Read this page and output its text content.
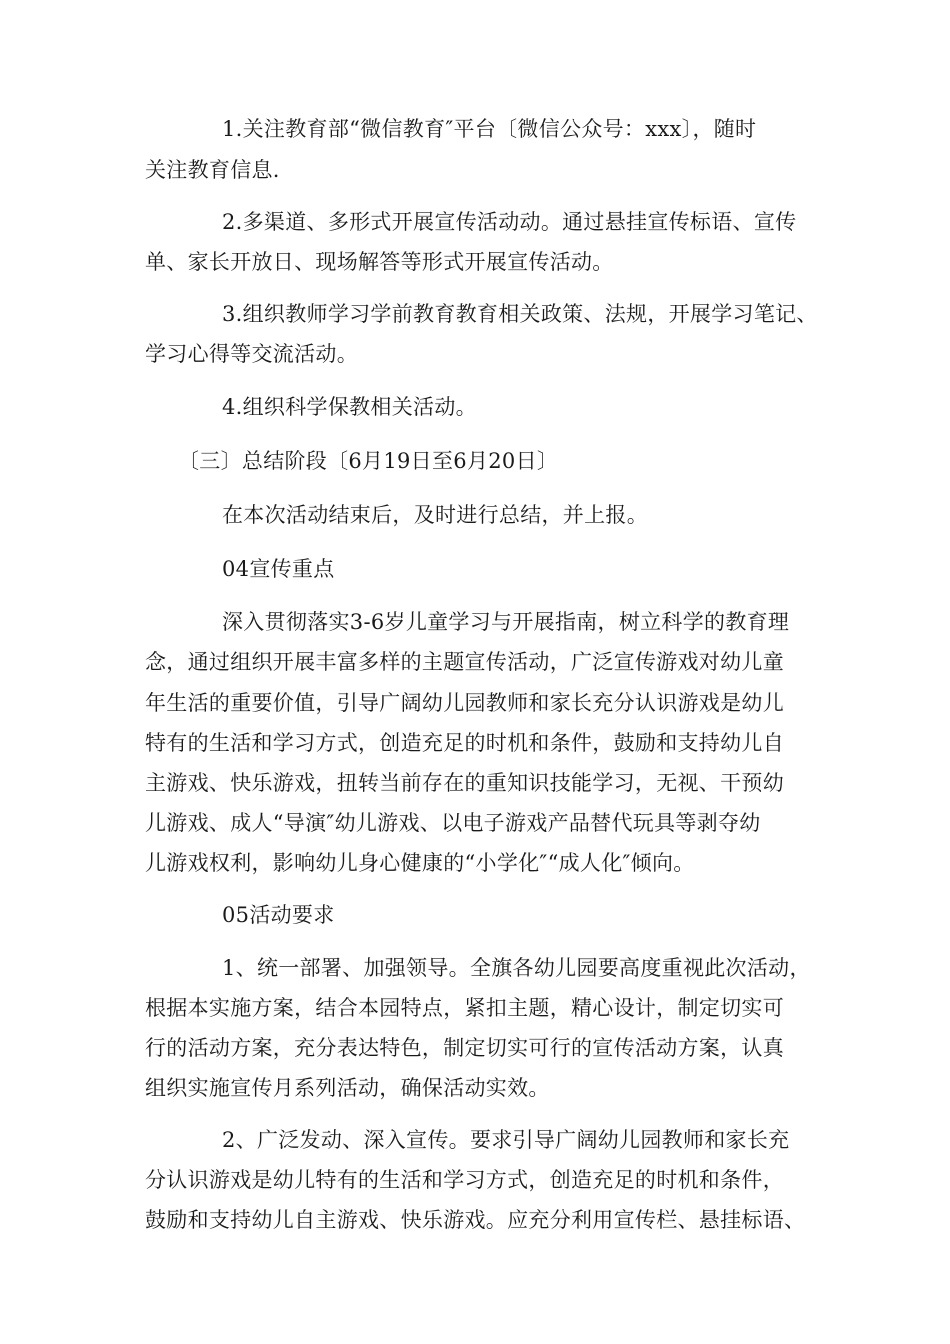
1.关注教育部“微信教育″平台〔微信公众号：xxx〕，随时
关注教育信息.
2.多渠道、多形式开展宣传活动动。通过悬挂宣传标语、宣传
单、家长开放日、现场解答等形式开展宣传活动。
3.组织教师学习学前教育教育相关政策、法规，开展学习笔记、
学习心得等交流活动。
4.组织科学保教相关活动。
〔三〕总结阶段〔6月19日至6月20日〕
在本次活动结束后，及时进行总结，并上报。
04宣传重点
深入贯彻落实3-6岁儿童学习与开展指南，树立科学的教育理
念，通过组织开展丰富多样的主题宣传活动，广泛宣传游戏对幼儿童
年生活的重要价值，引导广阔幼儿园教师和家长充分认识游戏是幼儿
特有的生活和学习方式，创造充足的时机和条件，鼓励和支持幼儿自
主游戏、快乐游戏，扭转当前存在的重知识技能学习，无视、干预幼
儿游戏、成人“导演″幼儿游戏、以电子游戏产品替代玩具等剥夺幼
儿游戏权利，影响幼儿身心健康的“小学化″“成人化″倾向。
05活动要求
1、统一部署、加强领导。全旗各幼儿园要高度重视此次活动，
根据本实施方案，结合本园特点，紧扣主题，精心设计，制定切实可
行的活动方案，充分表达特色，制定切实可行的宣传活动方案，认真
组织实施宣传月系列活动，确保活动实效。
2、广泛发动、深入宣传。要求引导广阔幼儿园教师和家长充
分认识游戏是幼儿特有的生活和学习方式，创造充足的时机和条件，
鼓励和支持幼儿自主游戏、快乐游戏。应充分利用宣传栏、悬挂标语、
